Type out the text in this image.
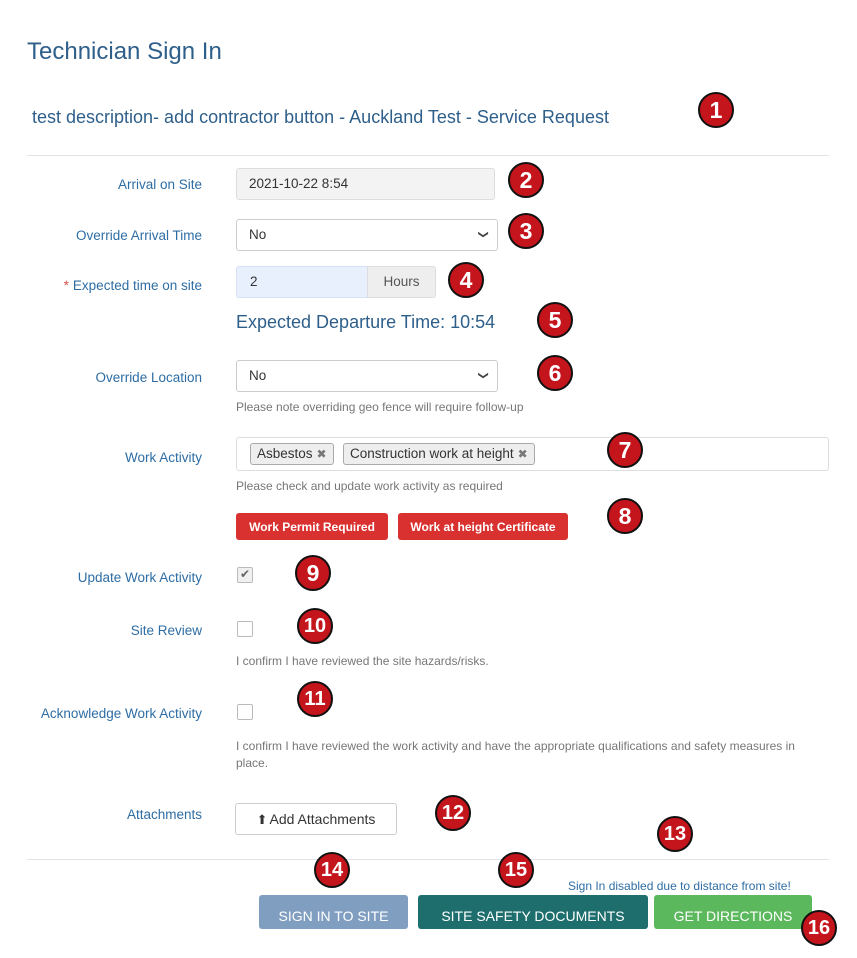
Technician Sign In
test description- add contractor button - Auckland Test - Service Request
Arrival on Site	2021-10-22 8:54
Override Arrival Time	No	❯
* Expected time on site	2	Hours
Expected Departure Time: 10:54
Override Location	No	❯
Please note overriding geo fence will require follow-up
Work Activity	Asbestos ✖	Construction work at height ✖
Please check and update work activity as required
Work Permit Required	Work at height Certificate
Update Work Activity	✔
Site Review
I confirm I have reviewed the site hazards/risks.
Acknowledge Work Activity
I confirm I have reviewed the work activity and have the appropriate qualifications and safety measures in place.
Attachments	⬆ Add Attachments
Sign In disabled due to distance from site!
SIGN IN TO SITE	SITE SAFETY DOCUMENTS	GET DIRECTIONS
1
2
3
4
5
6
7
8
9
10
11
12
13
14	15
16
